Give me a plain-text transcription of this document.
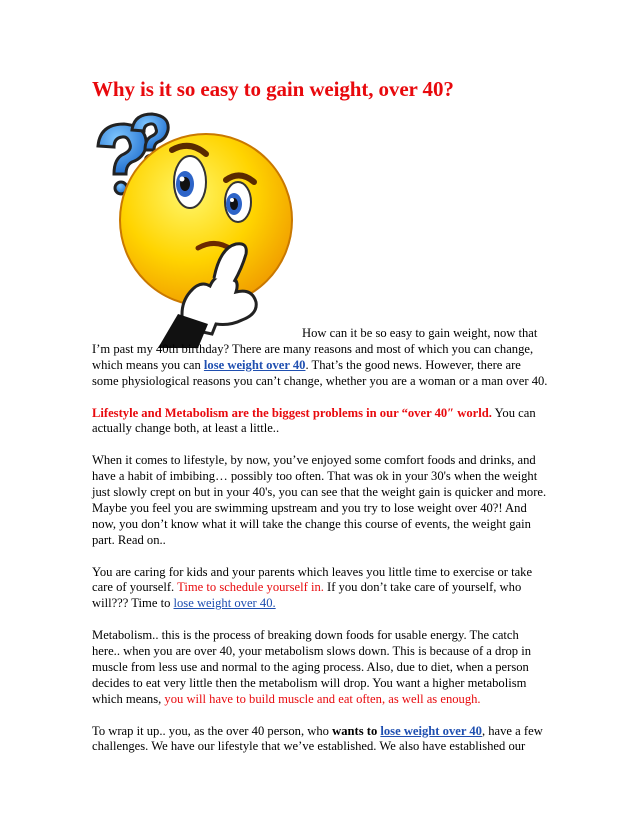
Why is it so easy to gain weight, over 40?

How can it be so easy to gain weight, now that
I’m past my 40th birthday? There are many reasons and most of which you can change, which means you can lose weight over 40. That’s the good news. However, there are some physiological reasons you can’t change, whether you are a woman or a man over 40.

Lifestyle and Metabolism are the biggest problems in our “over 40″ world. You can actually change both, at least a little..

When it comes to lifestyle, by now, you’ve enjoyed some comfort foods and drinks, and have a habit of imbibing… possibly too often. That was ok in your 30's when the weight just slowly crept on but in your 40's, you can see that the weight gain is quicker and more. Maybe you feel you are swimming upstream and you try to lose weight over 40?! And now, you don’t know what it will take the change this course of events, the weight gain part. Read on..

You are caring for kids and your parents which leaves you little time to exercise or take care of yourself. Time to schedule yourself in. If you don’t take care of yourself, who will??? Time to lose weight over 40.

Metabolism.. this is the process of breaking down foods for usable energy. The catch here.. when you are over 40, your metabolism slows down. This is because of a drop in muscle from less use and normal to the aging process. Also, due to diet, when a person decides to eat very little then the metabolism will drop. You want a higher metabolism which means, you will have to build muscle and eat often, as well as enough.

To wrap it up.. you, as the over 40 person, who wants to lose weight over 40, have a few challenges. We have our lifestyle that we’ve established. We also have established our
